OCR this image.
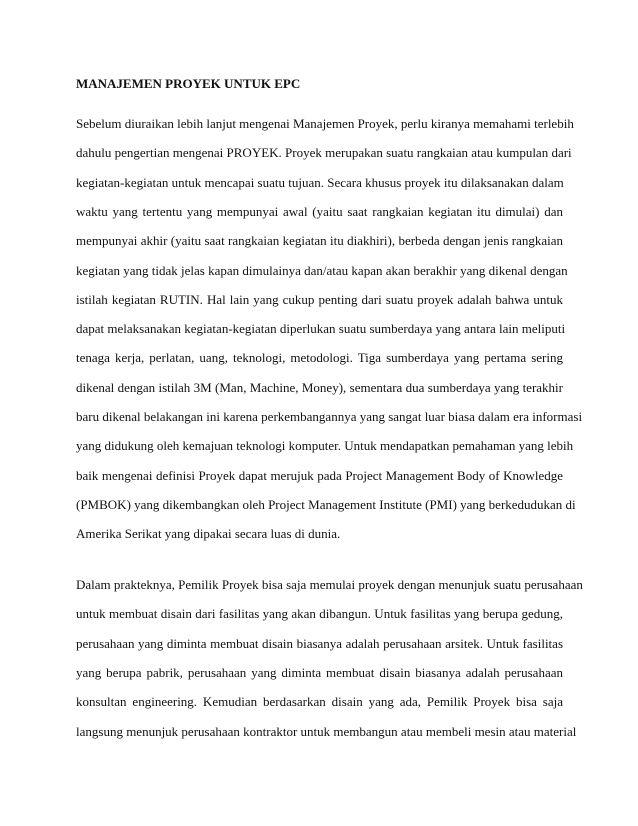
MANAJEMEN PROYEK UNTUK EPC
Sebelum diuraikan lebih lanjut mengenai Manajemen Proyek, perlu kiranya memahami terlebih
dahulu pengertian mengenai PROYEK. Proyek merupakan suatu rangkaian atau kumpulan dari
kegiatan-kegiatan untuk mencapai suatu tujuan. Secara khusus proyek itu dilaksanakan dalam
waktu yang tertentu yang mempunyai awal (yaitu saat rangkaian kegiatan itu dimulai) dan
mempunyai akhir (yaitu saat rangkaian kegiatan itu diakhiri), berbeda dengan jenis rangkaian
kegiatan yang tidak jelas kapan dimulainya dan/atau kapan akan berakhir yang dikenal dengan
istilah kegiatan RUTIN. Hal lain yang cukup penting dari suatu proyek adalah bahwa untuk
dapat melaksanakan kegiatan-kegiatan diperlukan suatu sumberdaya yang antara lain meliputi
tenaga kerja, perlatan, uang, teknologi, metodologi. Tiga sumberdaya yang pertama sering
dikenal dengan istilah 3M (Man, Machine, Money), sementara dua sumberdaya yang terakhir
baru dikenal belakangan ini karena perkembangannya yang sangat luar biasa dalam era informasi
yang didukung oleh kemajuan teknologi komputer. Untuk mendapatkan pemahaman yang lebih
baik mengenai definisi Proyek dapat merujuk pada Project Management Body of Knowledge
(PMBOK) yang dikembangkan oleh Project Management Institute (PMI) yang berkedudukan di
Amerika Serikat yang dipakai secara luas di dunia.
Dalam prakteknya, Pemilik Proyek bisa saja memulai proyek dengan menunjuk suatu perusahaan
untuk membuat disain dari fasilitas yang akan dibangun. Untuk fasilitas yang berupa gedung,
perusahaan yang diminta membuat disain biasanya adalah perusahaan arsitek. Untuk fasilitas
yang berupa pabrik, perusahaan yang diminta membuat disain biasanya adalah perusahaan
konsultan engineering. Kemudian berdasarkan disain yang ada, Pemilik Proyek bisa saja
langsung menunjuk perusahaan kontraktor untuk membangun atau membeli mesin atau material
